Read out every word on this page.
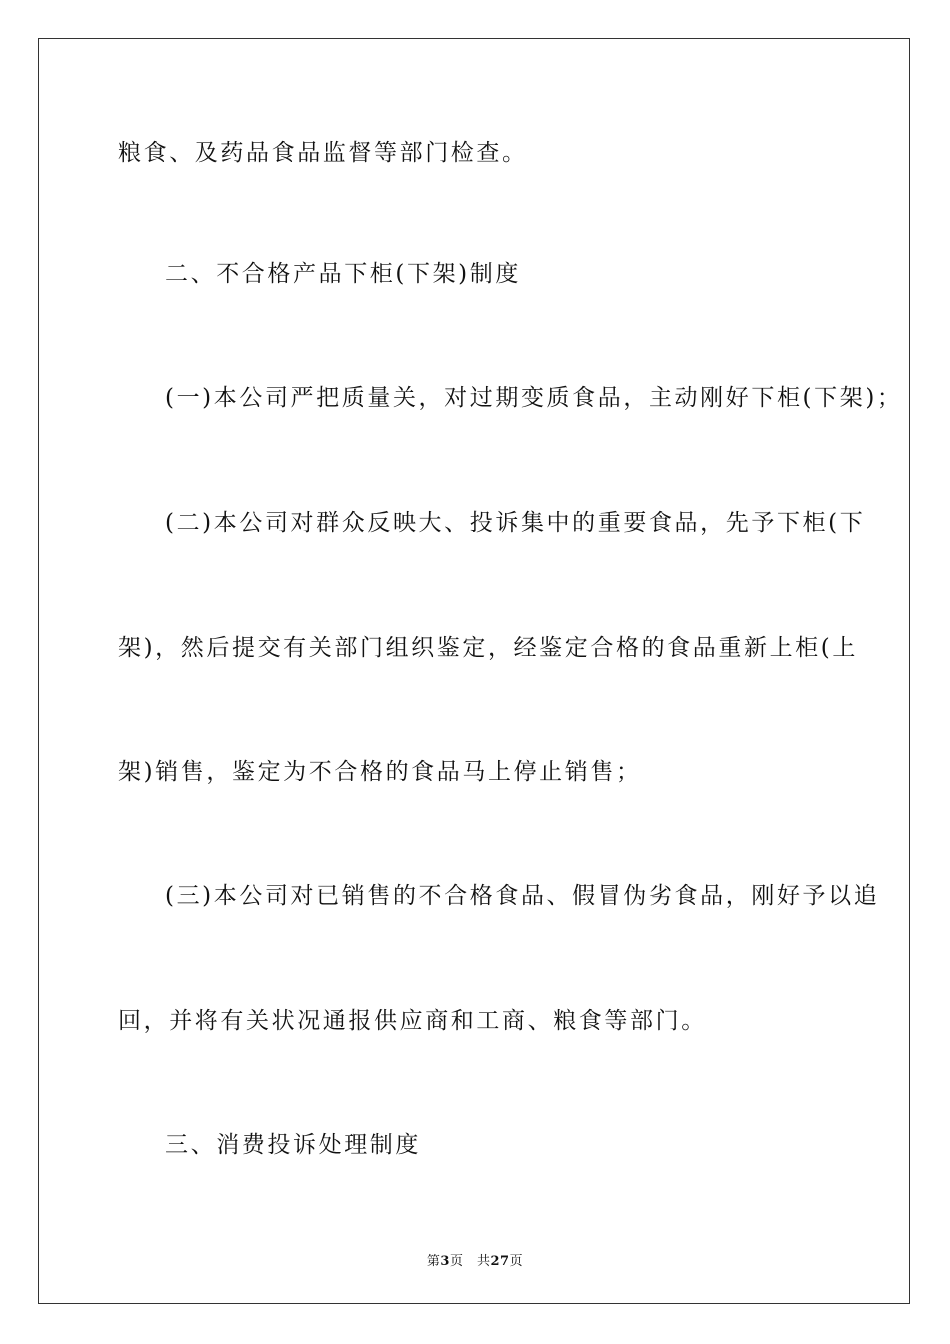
粮食、及药品食品监督等部门检查。
二、不合格产品下柜(下架)制度
(一)本公司严把质量关，对过期变质食品，主动刚好下柜(下架)；
(二)本公司对群众反映大、投诉集中的重要食品，先予下柜(下
架)，然后提交有关部门组织鉴定，经鉴定合格的食品重新上柜(上
架)销售，鉴定为不合格的食品马上停止销售；
(三)本公司对已销售的不合格食品、假冒伪劣食品，刚好予以追
回，并将有关状况通报供应商和工商、粮食等部门。
三、消费投诉处理制度
第3页　共27页
